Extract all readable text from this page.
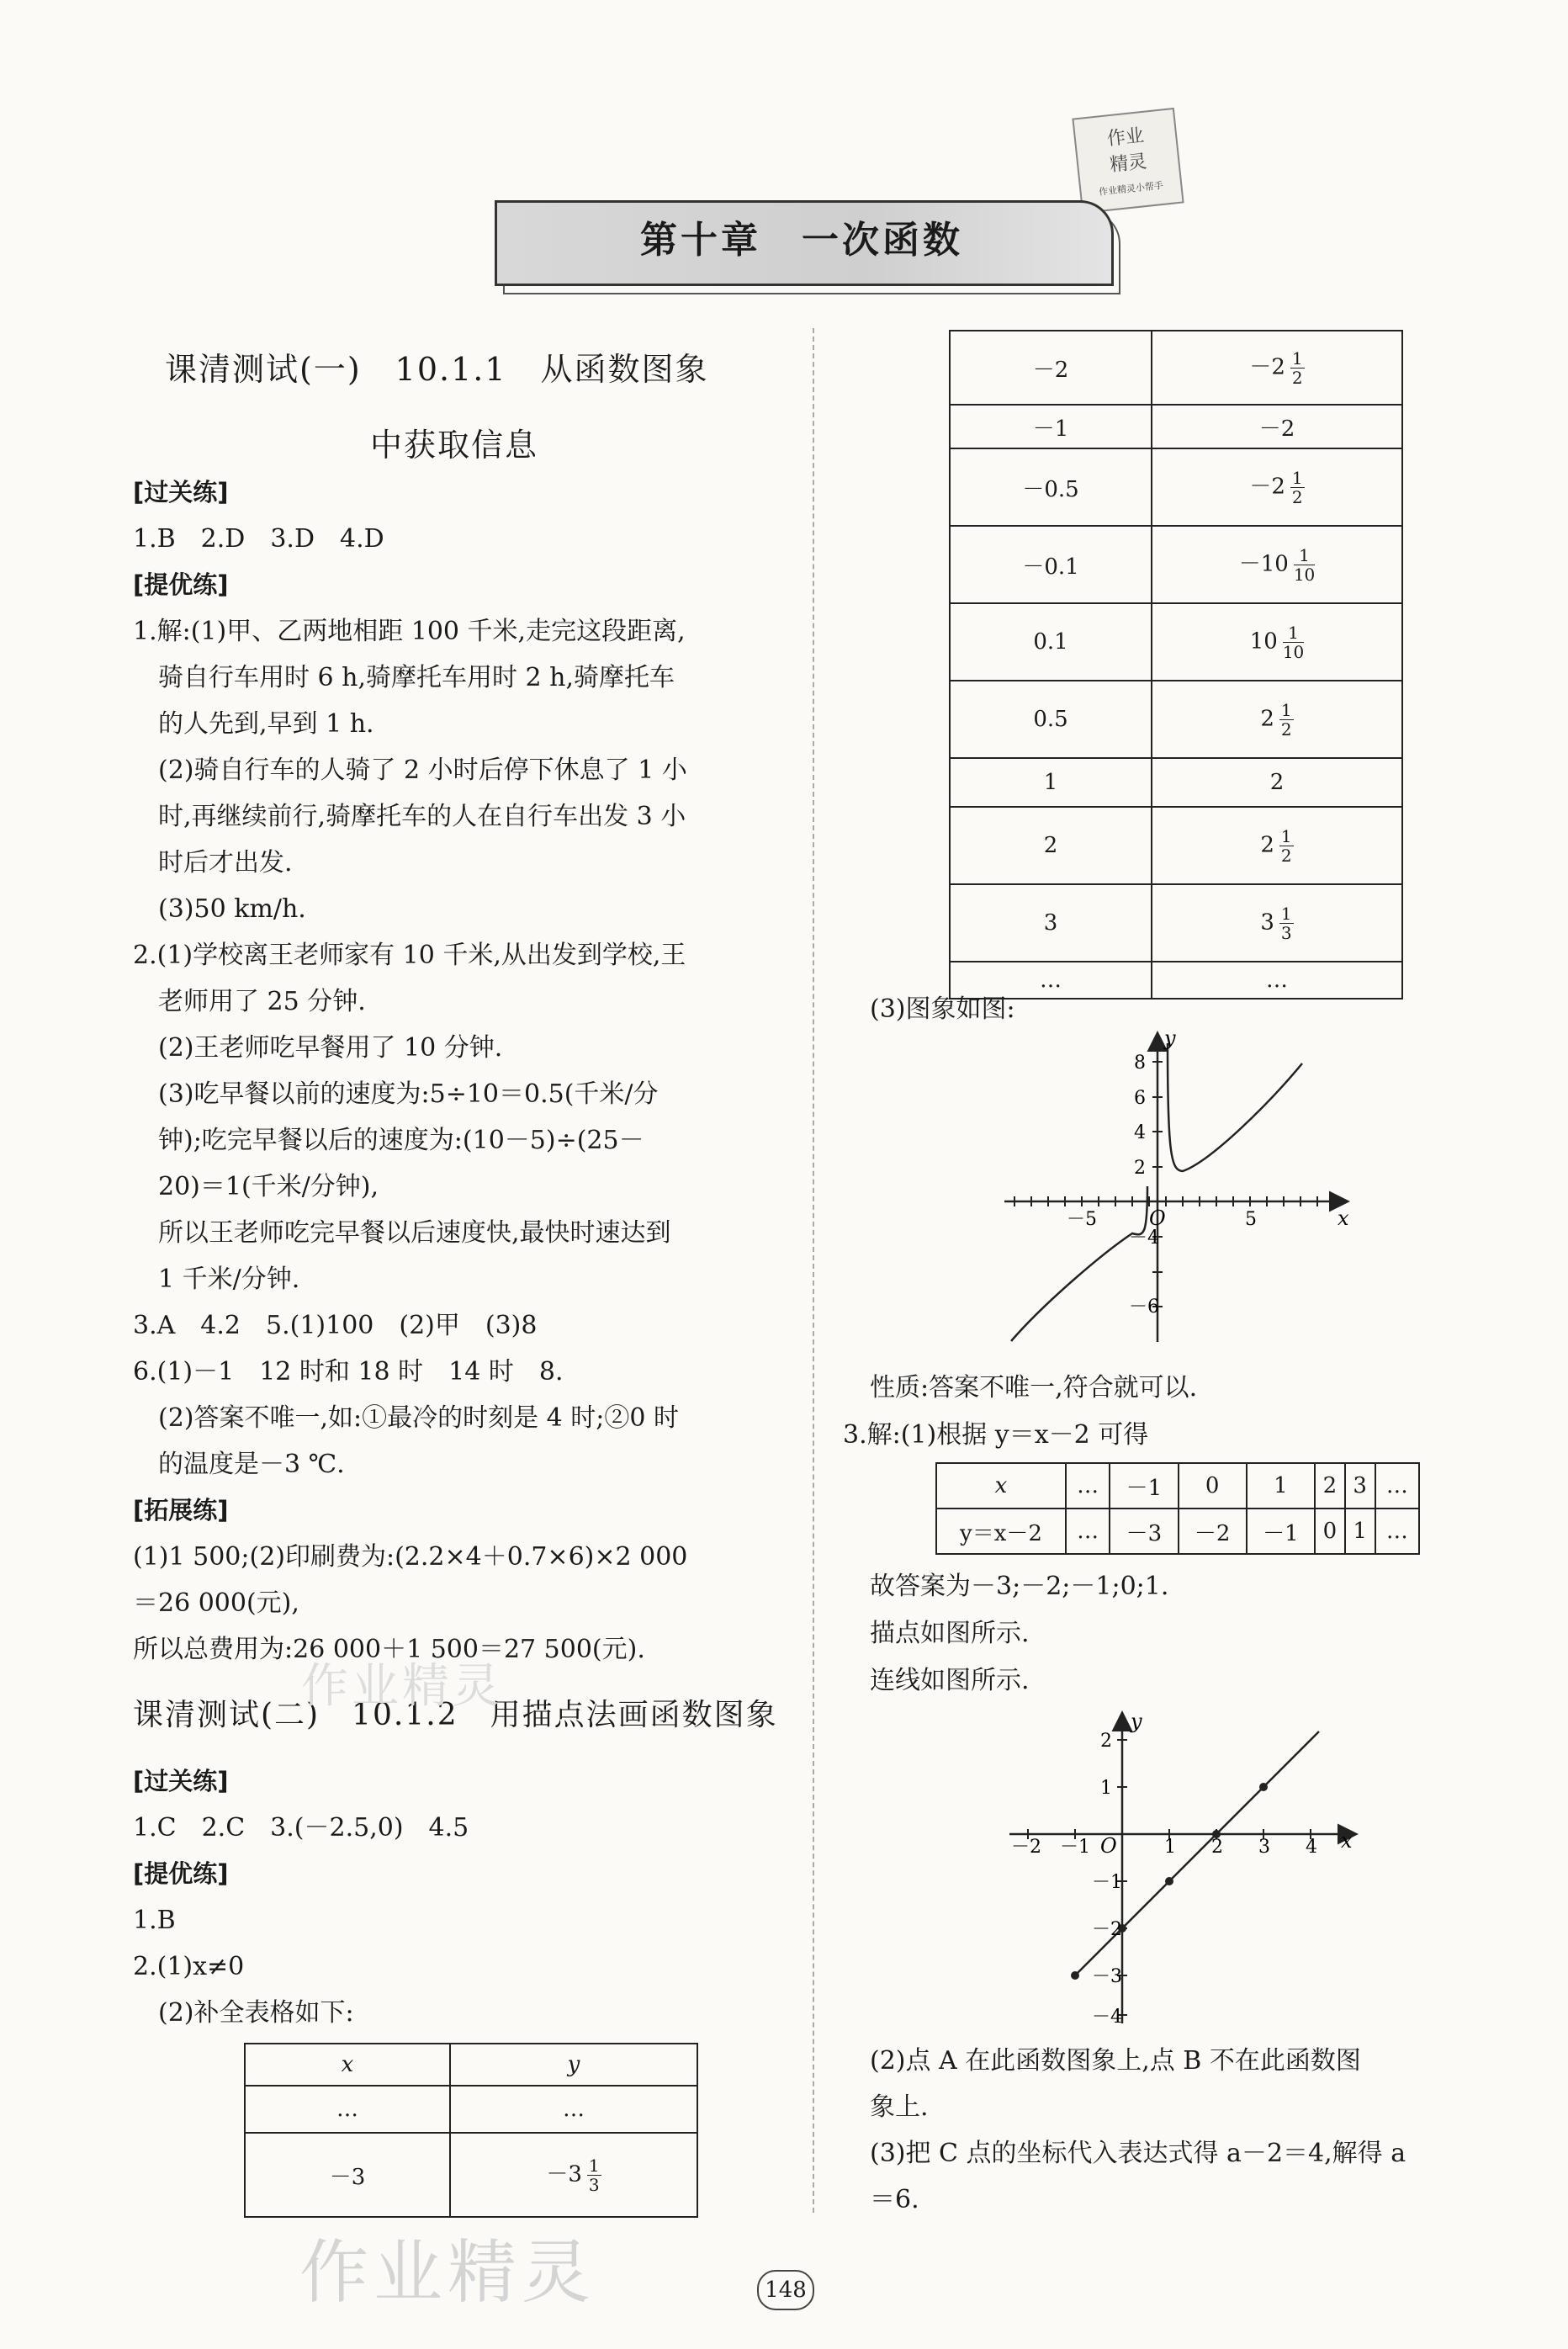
作业
精灵
作业精灵小帮手
第十章　一次函数
课清测试(一)　10.1.1　从函数图象
中获取信息
[过关练]
1.B　2.D　3.D　4.D
[提优练]
1.解:(1)甲、乙两地相距 100 千米,走完这段距离,
　骑自行车用时 6 h,骑摩托车用时 2 h,骑摩托车
　的人先到,早到 1 h.
　(2)骑自行车的人骑了 2 小时后停下休息了 1 小
　时,再继续前行,骑摩托车的人在自行车出发 3 小
　时后才出发.
　(3)50 km/h.
2.(1)学校离王老师家有 10 千米,从出发到学校,王
　老师用了 25 分钟.
　(2)王老师吃早餐用了 10 分钟.
　(3)吃早餐以前的速度为:5÷10＝0.5(千米/分
　钟);吃完早餐以后的速度为:(10－5)÷(25－
　20)＝1(千米/分钟),
　所以王老师吃完早餐以后速度快,最快时速达到
　1 千米/分钟.
3.A　4.2　5.(1)100　(2)甲　(3)8
6.(1)－1　12 时和 18 时　14 时　8.
　(2)答案不唯一,如:①最冷的时刻是 4 时;②0 时
　的温度是－3 ℃.
[拓展练]
(1)1 500;(2)印刷费为:(2.2×4＋0.7×6)×2 000
＝26 000(元),
所以总费用为:26 000＋1 500＝27 500(元).
课清测试(二)　10.1.2　用描点法画函数图象
[过关练]
1.C　2.C　3.(－2.5,0)　4.5
[提优练]
1.B
2.(1)x≠0
　(2)补全表格如下:
x	y
…	…
－3	$-3 \frac{1}{3}$
－2	$-2 \frac{1}{2}$

－1	－2
－0.5	$-2 \frac{1}{2}$

－0.1	$-10 \frac{1}{10}$

0.1	$10 \frac{1}{10}$

0.5	$2 \frac{1}{2}$

1	2
2	$2 \frac{1}{2}$

3	$3 \frac{1}{3}$

…	…
(3)图象如图:
y
x
O
8
6
4
2
－4
－6
－5	5
性质:答案不唯一,符合就可以.
3.解:(1)根据 y＝x－2 可得
x	…	－1	0	1	2	3	…
y＝x－2	…	－3	－2	－1	0	1	…
故答案为－3;－2;－1;0;1.
描点如图所示.
连线如图所示.
y
x
O
2
1
－1
－2
－3
－4
－2 －1	1 2 3 4
(2)点 A 在此函数图象上,点 B 不在此函数图
象上.
(3)把 C 点的坐标代入表达式得 a－2＝4,解得 a
＝6.
作业精灵
作业精灵	148
